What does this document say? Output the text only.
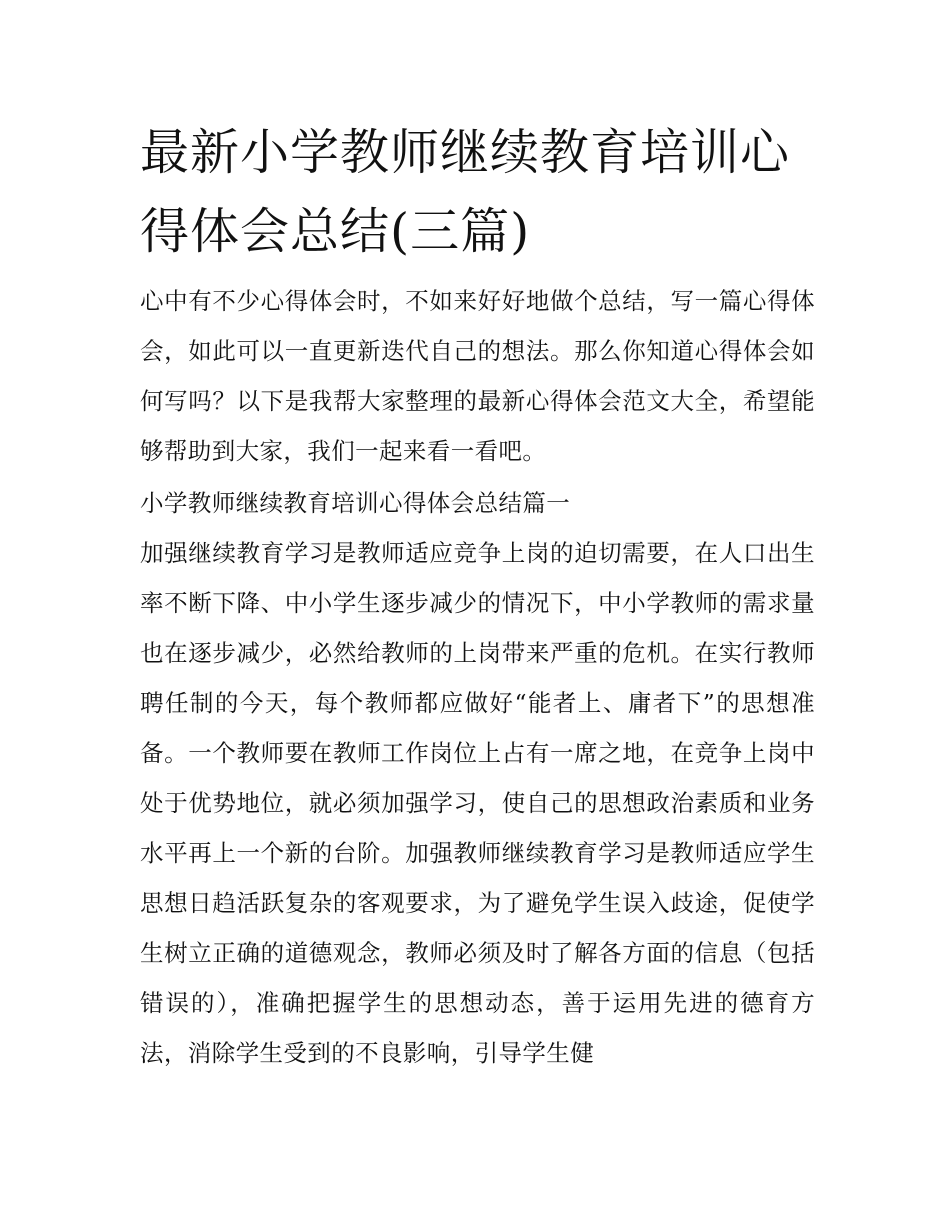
最新小学教师继续教育培训心得体会总结(三篇)

心中有不少心得体会时，不如来好好地做个总结，写一篇心得体会，如此可以一直更新迭代自己的想法。那么你知道心得体会如何写吗？以下是我帮大家整理的最新心得体会范文大全，希望能够帮助到大家，我们一起来看一看吧。

小学教师继续教育培训心得体会总结篇一

加强继续教育学习是教师适应竞争上岗的迫切需要，在人口出生率不断下降、中小学生逐步减少的情况下，中小学教师的需求量也在逐步减少，必然给教师的上岗带来严重的危机。在实行教师聘任制的今天，每个教师都应做好“能者上、庸者下”的思想准备。一个教师要在教师工作岗位上占有一席之地，在竞争上岗中处于优势地位，就必须加强学习，使自己的思想政治素质和业务水平再上一个新的台阶。加强教师继续教育学习是教师适应学生思想日趋活跃复杂的客观要求，为了避免学生误入歧途，促使学生树立正确的道德观念，教师必须及时了解各方面的信息（包括错误的），准确把握学生的思想动态，善于运用先进的德育方法，消除学生受到的不良影响，引导学生健
